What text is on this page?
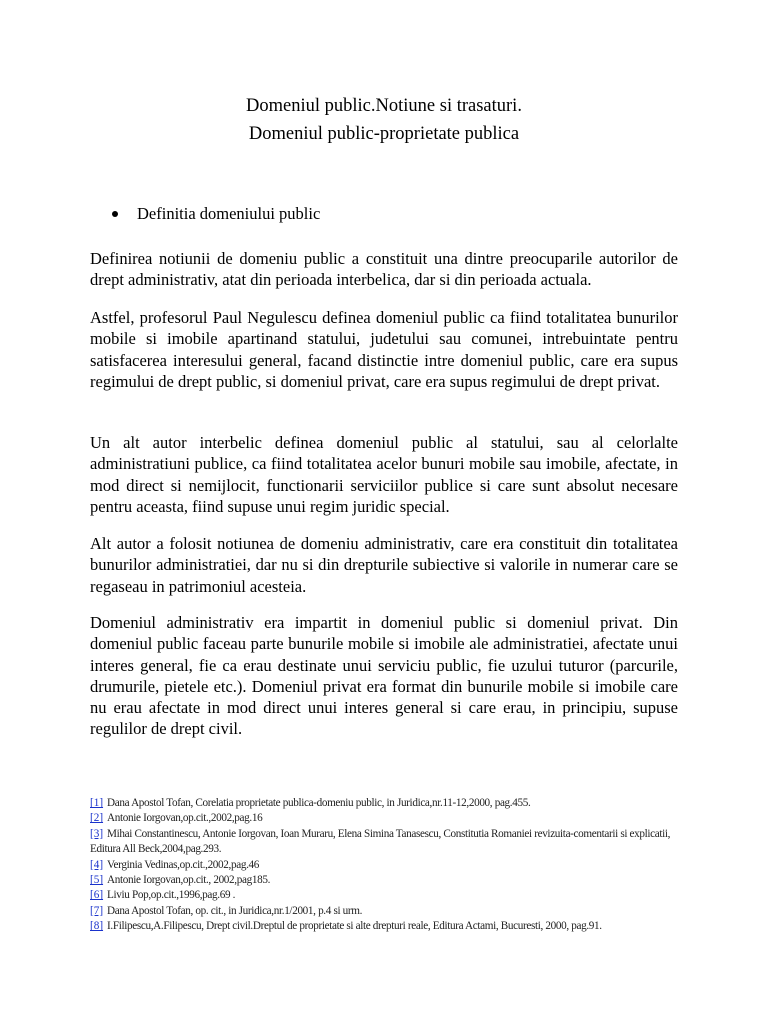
Domeniul public.Notiune si trasaturi.
Domeniul public-proprietate publica
Definitia domeniului public

Definirea notiunii de domeniu public a constituit una dintre preocuparile autorilor de drept administrativ, atat din perioada interbelica, dar si din perioada actuala.

Astfel, profesorul Paul Negulescu definea domeniul public ca fiind totalitatea bunurilor mobile si imobile apartinand statului, judetului sau comunei, intrebuintate pentru satisfacerea interesului general, facand distinctie intre domeniul public, care era supus regimului de drept public, si domeniul privat, care era supus regimului de drept privat.

Un alt autor interbelic definea domeniul public al statului, sau al celorlalte administratiuni publice, ca fiind totalitatea acelor bunuri mobile sau imobile, afectate, in mod direct si nemijlocit, functionarii serviciilor publice si care sunt absolut necesare pentru aceasta, fiind supuse unui regim juridic special.

Alt autor a folosit notiunea de domeniu administrativ, care era constituit din totalitatea bunurilor administratiei, dar nu si din drepturile subiective si valorile in numerar care se regaseau in patrimoniul acesteia.

Domeniul administrativ era impartit in domeniul public si domeniul privat. Din domeniul public faceau parte bunurile mobile si imobile ale administratiei, afectate unui interes general, fie ca erau destinate unui serviciu public, fie uzului tuturor (parcurile, drumurile, pietele etc.). Domeniul privat era format din bunurile mobile si imobile care nu erau afectate in mod direct unui interes general si care erau, in principiu, supuse regulilor de drept civil.

[1] Dana Apostol Tofan, Corelatia proprietate publica-domeniu public, in Juridica,nr.11-12,2000, pag.455.
[2] Antonie Iorgovan,op.cit.,2002,pag.16
[3] Mihai Constantinescu, Antonie Iorgovan, Ioan Muraru, Elena Simina Tanasescu, Constitutia Romaniei revizuita-comentarii si explicatii, Editura All Beck,2004,pag.293.
[4] Verginia Vedinas,op.cit.,2002,pag.46
[5] Antonie Iorgovan,op.cit., 2002,pag185.
[6] Liviu Pop,op.cit.,1996,pag.69 .
[7] Dana Apostol Tofan, op. cit., in Juridica,nr.1/2001, p.4 si urm.
[8] I.Filipescu,A.Filipescu, Drept civil.Dreptul de proprietate si alte drepturi reale, Editura Actami, Bucuresti, 2000, pag.91.
